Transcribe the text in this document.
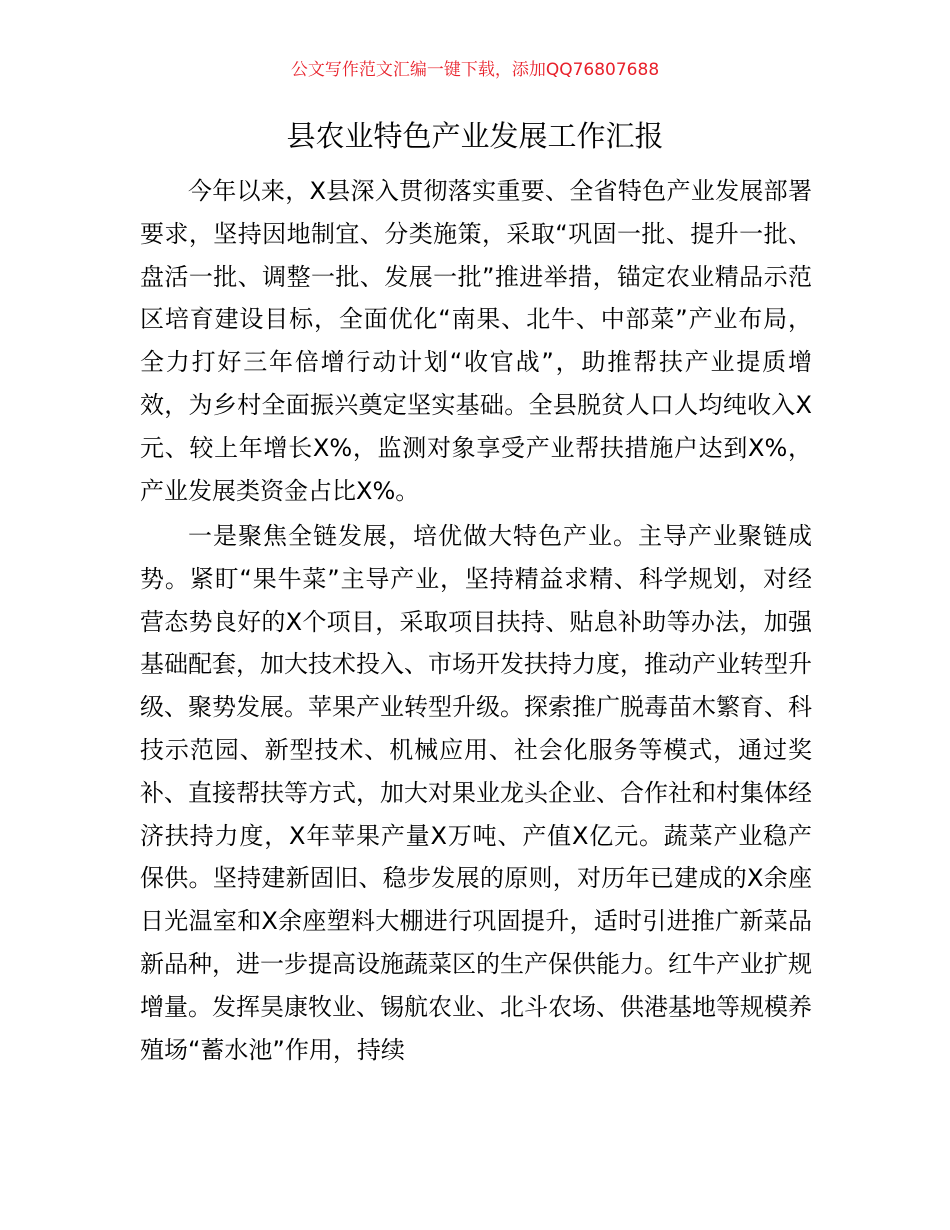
公文写作范文汇编一键下载，添加QQ76807688
县农业特色产业发展工作汇报

今年以来，X县深入贯彻落实重要、全省特色产业发展部署要求，坚持因地制宜、分类施策，采取“巩固一批、提升一批、盘活一批、调整一批、发展一批”推进举措，锚定农业精品示范区培育建设目标，全面优化“南果、北牛、中部菜”产业布局，全力打好三年倍增行动计划“收官战”，助推帮扶产业提质增效，为乡村全面振兴奠定坚实基础。全县脱贫人口人均纯收入X元、较上年增长X%，监测对象享受产业帮扶措施户达到X%，产业发展类资金占比X%。

一是聚焦全链发展，培优做大特色产业。主导产业聚链成势。紧盯“果牛菜”主导产业，坚持精益求精、科学规划，对经营态势良好的X个项目，采取项目扶持、贴息补助等办法，加强基础配套，加大技术投入、市场开发扶持力度，推动产业转型升级、聚势发展。苹果产业转型升级。探索推广脱毒苗木繁育、科技示范园、新型技术、机械应用、社会化服务等模式，通过奖补、直接帮扶等方式，加大对果业龙头企业、合作社和村集体经济扶持力度，X年苹果产量X万吨、产值X亿元。蔬菜产业稳产保供。坚持建新固旧、稳步发展的原则，对历年已建成的X余座日光温室和X余座塑料大棚进行巩固提升，适时引进推广新菜品新品种，进一步提高设施蔬菜区的生产保供能力。红牛产业扩规增量。发挥昊康牧业、锡航农业、北斗农场、供港基地等规模养殖场“蓄水池”作用，持续
